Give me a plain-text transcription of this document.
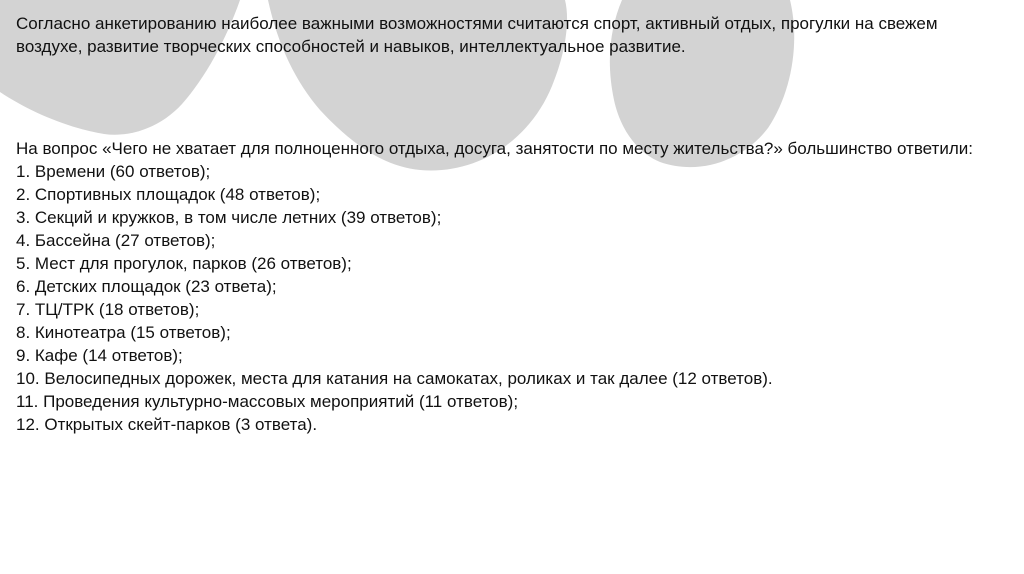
Согласно анкетированию наиболее важными возможностями считаются спорт, активный отдых, прогулки на свежем воздухе, развитие творческих способностей и навыков, интеллектуальное развитие.

На вопрос «Чего не хватает для полноценного отдыха, досуга, занятости по месту жительства?» большинство ответили:

1. Времени (60 ответов);
2. Спортивных площадок (48 ответов);
3. Секций и кружков, в том числе летних (39 ответов);
4. Бассейна (27 ответов);
5. Мест для прогулок, парков (26 ответов);
6. Детских площадок (23 ответа);
7. ТЦ/ТРК (18 ответов);
8. Кинотеатра (15 ответов);
9. Кафе (14 ответов);
10. Велосипедных дорожек, места для катания на самокатах, роликах и так далее (12 ответов).
11. Проведения культурно-массовых мероприятий (11 ответов);
12. Открытых скейт-парков (3 ответа).
